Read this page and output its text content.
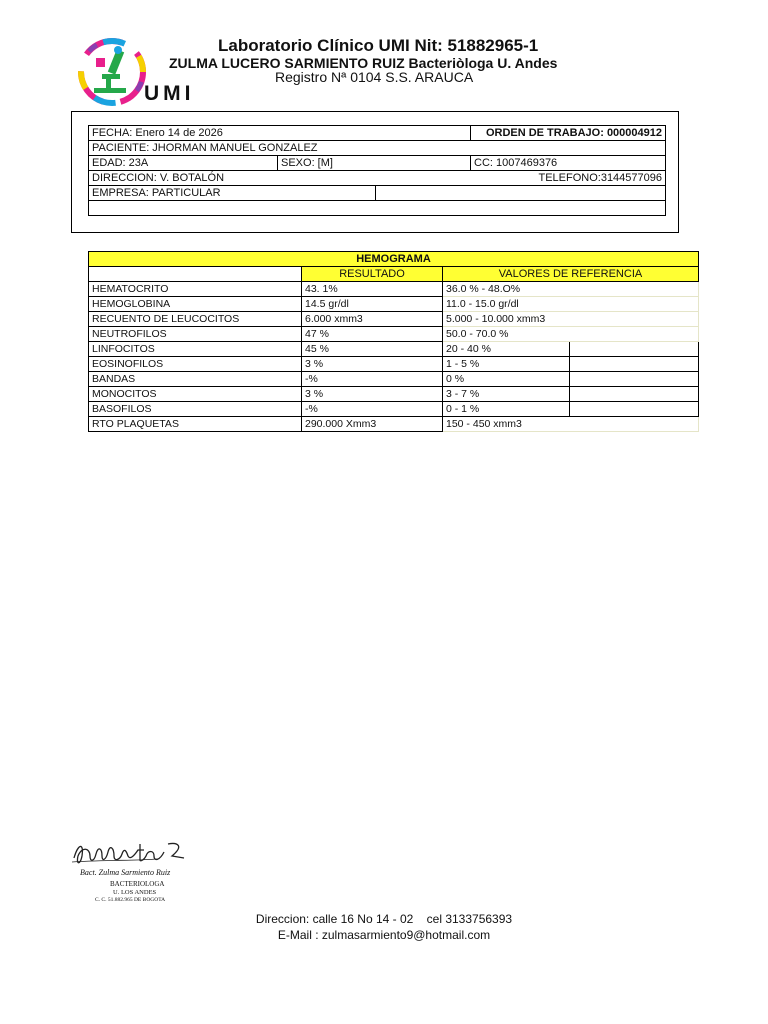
UMI
Laboratorio Clínico UMI Nit: 51882965-1
ZULMA LUCERO SARMIENTO RUIZ Bacteriòloga U. Andes
Registro Nª 0104 S.S. ARAUCA
FECHA: Enero 14 de 2026			ORDEN DE TRABAJO: 000004912	
PACIENTE: JHORMAN MANUEL GONZALEZ				
EDAD: 23A	SEXO: [M]		CC: 1007469376	
DIRECCION: V. BOTALÓN				TELEFONO:3144577096
EMPRESA: PARTICULAR				

HEMOGRAMA			
	RESULTADO	VALORES DE REFERENCIA	
HEMATOCRITO	43. 1%	36.0 % - 48.O%	
HEMOGLOBINA	14.5 gr/dl	11.0 - 15.0 gr/dl	
RECUENTO DE LEUCOCITOS	6.000 xmm3	5.000 - 10.000 xmm3	
NEUTROFILOS	47 %	50.0 - 70.0 %	
LINFOCITOS	45 %	20 - 40 %	
EOSINOFILOS	3 %	1 - 5 %	
BANDAS	-%	0 %	
MONOCITOS	3 %	3 - 7 %	
BASOFILOS	-%	0 - 1 %	
RTO PLAQUETAS	290.000 Xmm3	150 - 450 xmm3	
Bact. Zulma Sarmiento Ruiz
BACTERIOLOGA
U. LOS ANDES
C. C. 51.882.965 DE BOGOTA
Direccion: calle 16 No 14 - 02    cel 3133756393
E-Mail : zulmasarmiento9@hotmail.com
